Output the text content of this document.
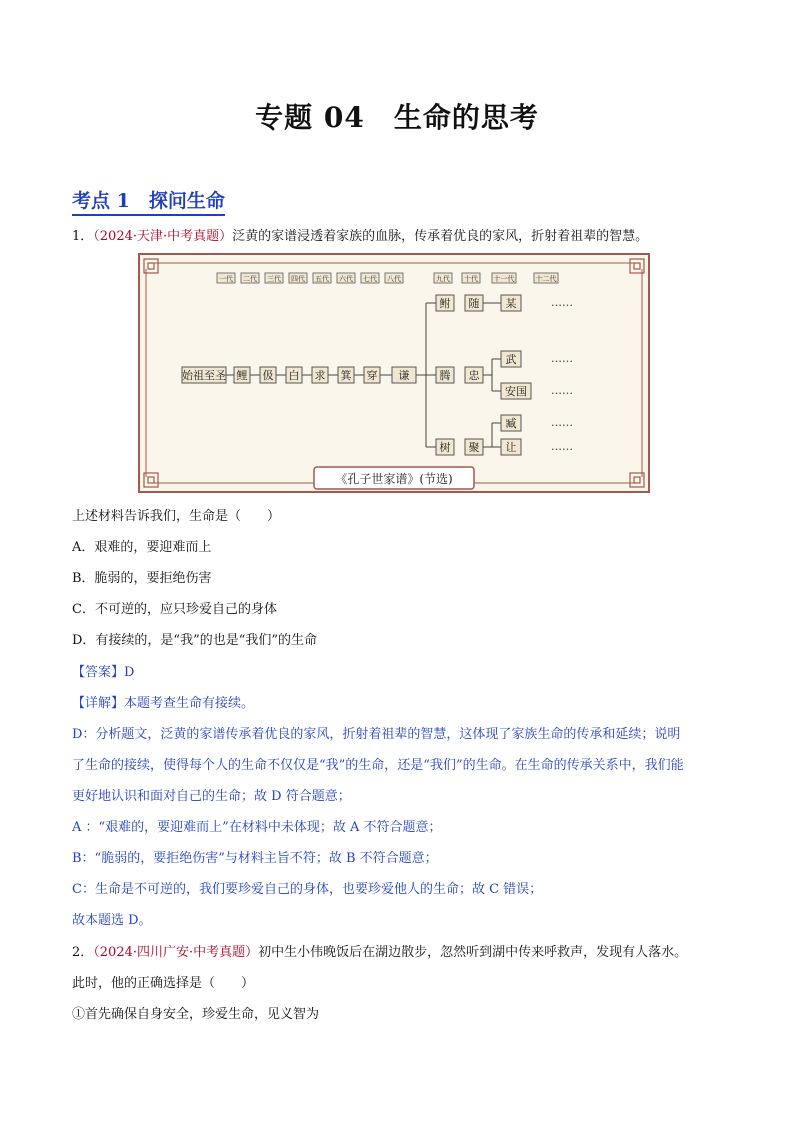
专题 04　生命的思考
考点 1　探问生命

1．（2024·天津·中考真题）泛黄的家谱浸透着家族的血脉，传承着优良的家风，折射着祖辈的智慧。

一代 二代 三代 四代 五代 六代 七代 八代	九代 十代 十一代	十二代
始祖至圣 鲤 伋 白 求 箕 穿 谦
鲋
腾
树
随
忠
聚
某
武
安国
臧
让
……
……
……
……
……
《孔子世家谱》(节选)

上述材料告诉我们，生命是（　　）

A．艰难的，要迎难而上

B．脆弱的，要拒绝伤害

C．不可逆的，应只珍爱自己的身体

D．有接续的，是“我”的也是“我们”的生命

【答案】D

【详解】本题考查生命有接续。

D：分析题文，泛黄的家谱传承着优良的家风，折射着祖辈的智慧，这体现了家族生命的传承和延续；说明

了生命的接续，使得每个人的生命不仅仅是“我”的生命，还是“我们”的生命。在生命的传承关系中，我们能

更好地认识和面对自己的生命；故 D 符合题意；

A ：“艰难的，要迎难而上”在材料中未体现；故 A 不符合题意；

B：“脆弱的，要拒绝伤害”与材料主旨不符；故 B 不符合题意；

C：生命是不可逆的，我们要珍爱自己的身体，也要珍爱他人的生命；故 C 错误；

故本题选 D。

2．（2024·四川广安·中考真题）初中生小伟晚饭后在湖边散步，忽然听到湖中传来呼救声，发现有人落水。

此时，他的正确选择是（　　）

①首先确保自身安全，珍爱生命，见义智为
